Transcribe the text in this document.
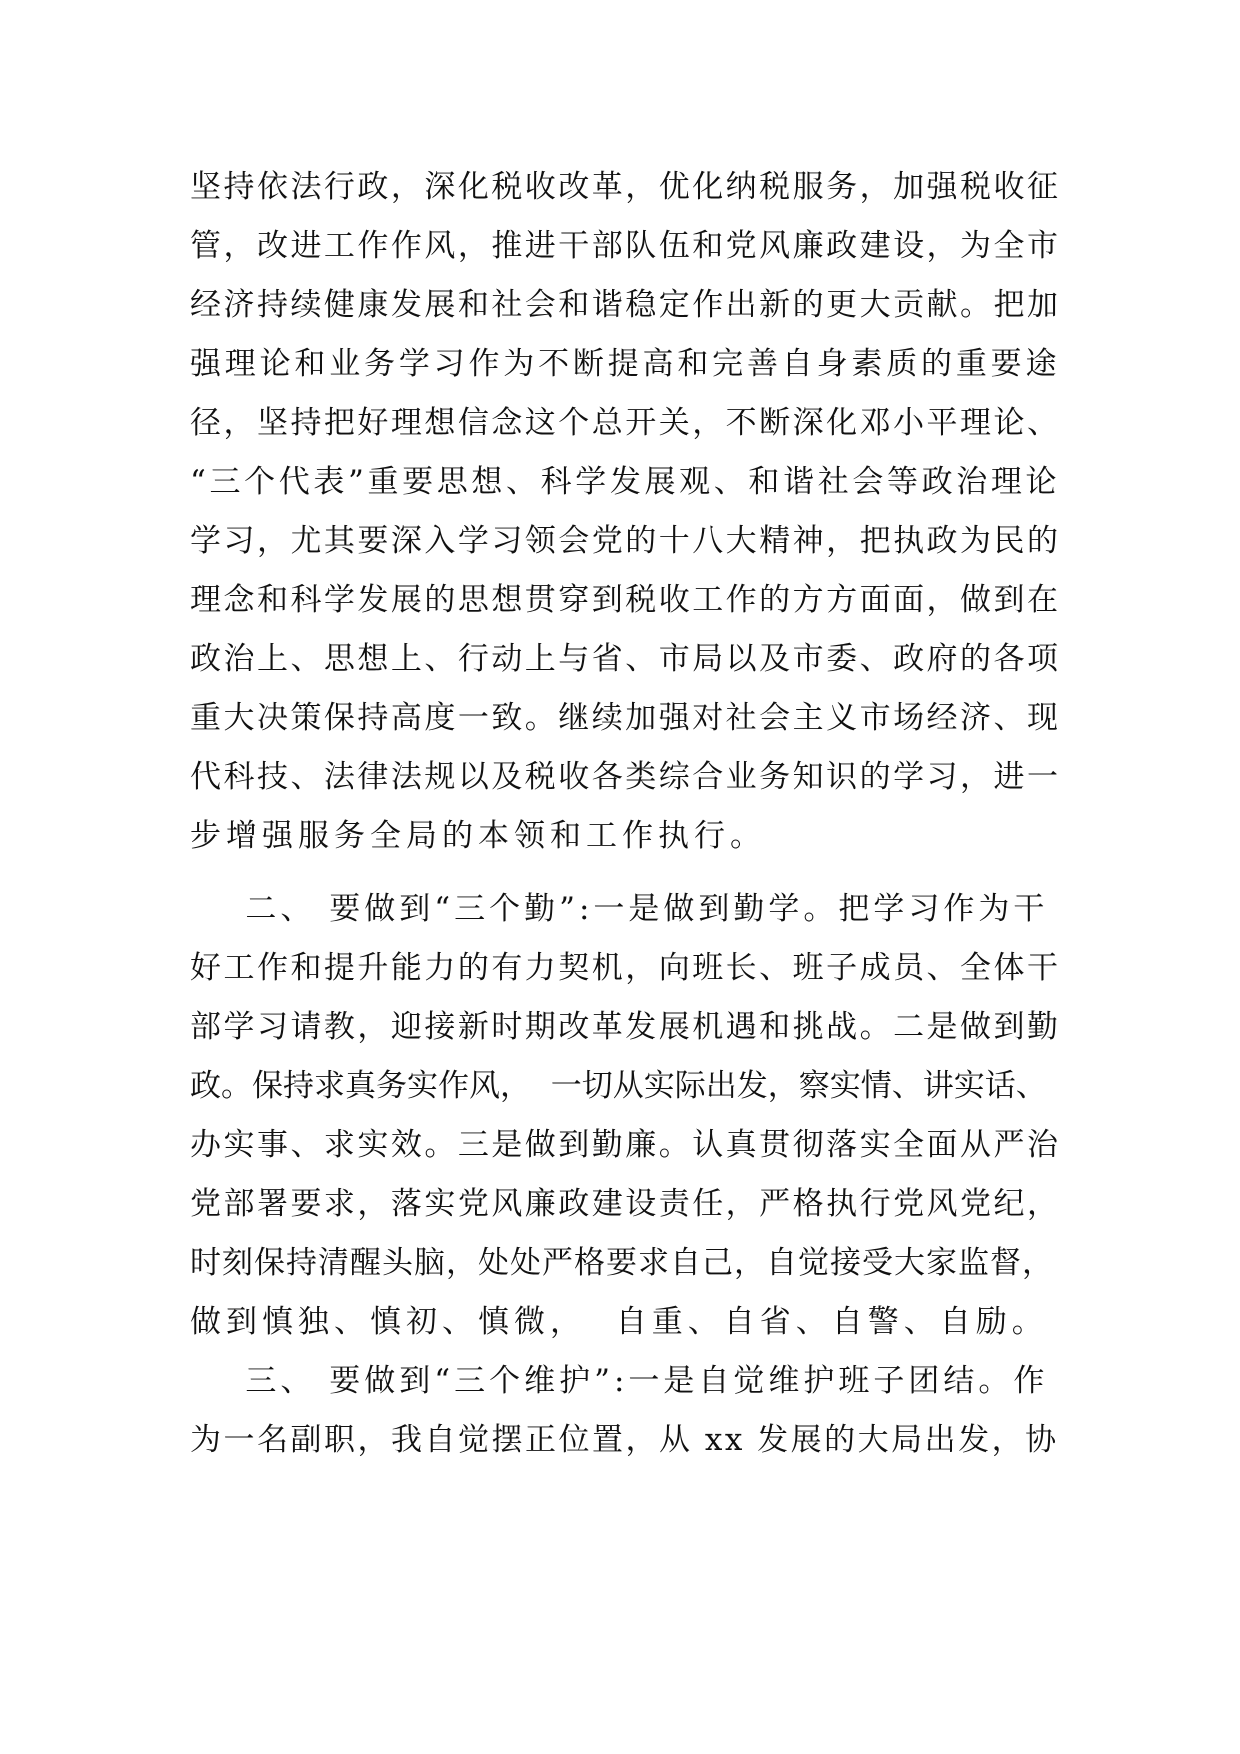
坚持依法行政，深化税收改革，优化纳税服务，加强税收征
管，改进工作作风，推进干部队伍和党风廉政建设，为全市
经济持续健康发展和社会和谐稳定作出新的更大贡献。把加
强理论和业务学习作为不断提高和完善自身素质的重要途
径，坚持把好理想信念这个总开关，不断深化邓小平理论、
“三个代表”重要思想、科学发展观、和谐社会等政治理论
学习，尤其要深入学习领会党的十八大精神，把执政为民的
理念和科学发展的思想贯穿到税收工作的方方面面，做到在
政治上、思想上、行动上与省、市局以及市委、政府的各项
重大决策保持高度一致。继续加强对社会主义市场经济、现
代科技、法律法规以及税收各类综合业务知识的学习，进一
步增强服务全局的本领和工作执行。
二、 要做到“三个勤”:一是做到勤学。把学习作为干
好工作和提升能力的有力契机，向班长、班子成员、全体干
部学习请教，迎接新时期改革发展机遇和挑战。二是做到勤
政。保持求真务实作风，  一切从实际出发，察实情、讲实话、
办实事、求实效。三是做到勤廉。认真贯彻落实全面从严治
党部署要求，落实党风廉政建设责任，严格执行党风党纪，
时刻保持清醒头脑，处处严格要求自己，自觉接受大家监督，
做到慎独、慎初、慎微，  自重、自省、自警、自励。
三、 要做到“三个维护”:一是自觉维护班子团结。作
为一名副职，我自觉摆正位置，从 xx 发展的大局出发，协
